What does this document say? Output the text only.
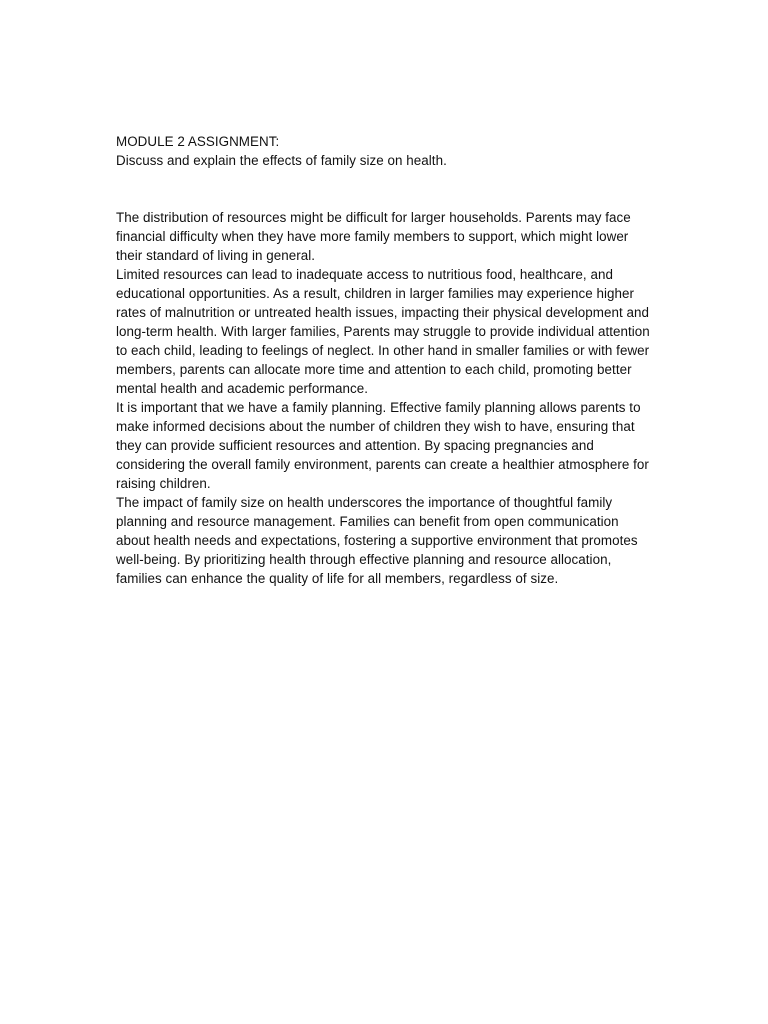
MODULE 2 ASSIGNMENT:
Discuss and explain the effects of family size on health.

The distribution of resources might be difficult for larger households. Parents may face financial difficulty when they have more family members to support, which might lower their standard of living in general.

Limited resources can lead to inadequate access to nutritious food, healthcare, and educational opportunities. As a result, children in larger families may experience higher rates of malnutrition or untreated health issues, impacting their physical development and long-term health. With larger families, Parents may struggle to provide individual attention to each child, leading to feelings of neglect. In other hand in smaller families or with fewer members, parents can allocate more time and attention to each child, promoting better mental health and academic performance.

It is important that we have a family planning. Effective family planning allows parents to make informed decisions about the number of children they wish to have, ensuring that they can provide sufficient resources and attention. By spacing pregnancies and considering the overall family environment, parents can create a healthier atmosphere for raising children.

The impact of family size on health underscores the importance of thoughtful family planning and resource management. Families can benefit from open communication about health needs and expectations, fostering a supportive environment that promotes well-being. By prioritizing health through effective planning and resource allocation, families can enhance the quality of life for all members, regardless of size.
